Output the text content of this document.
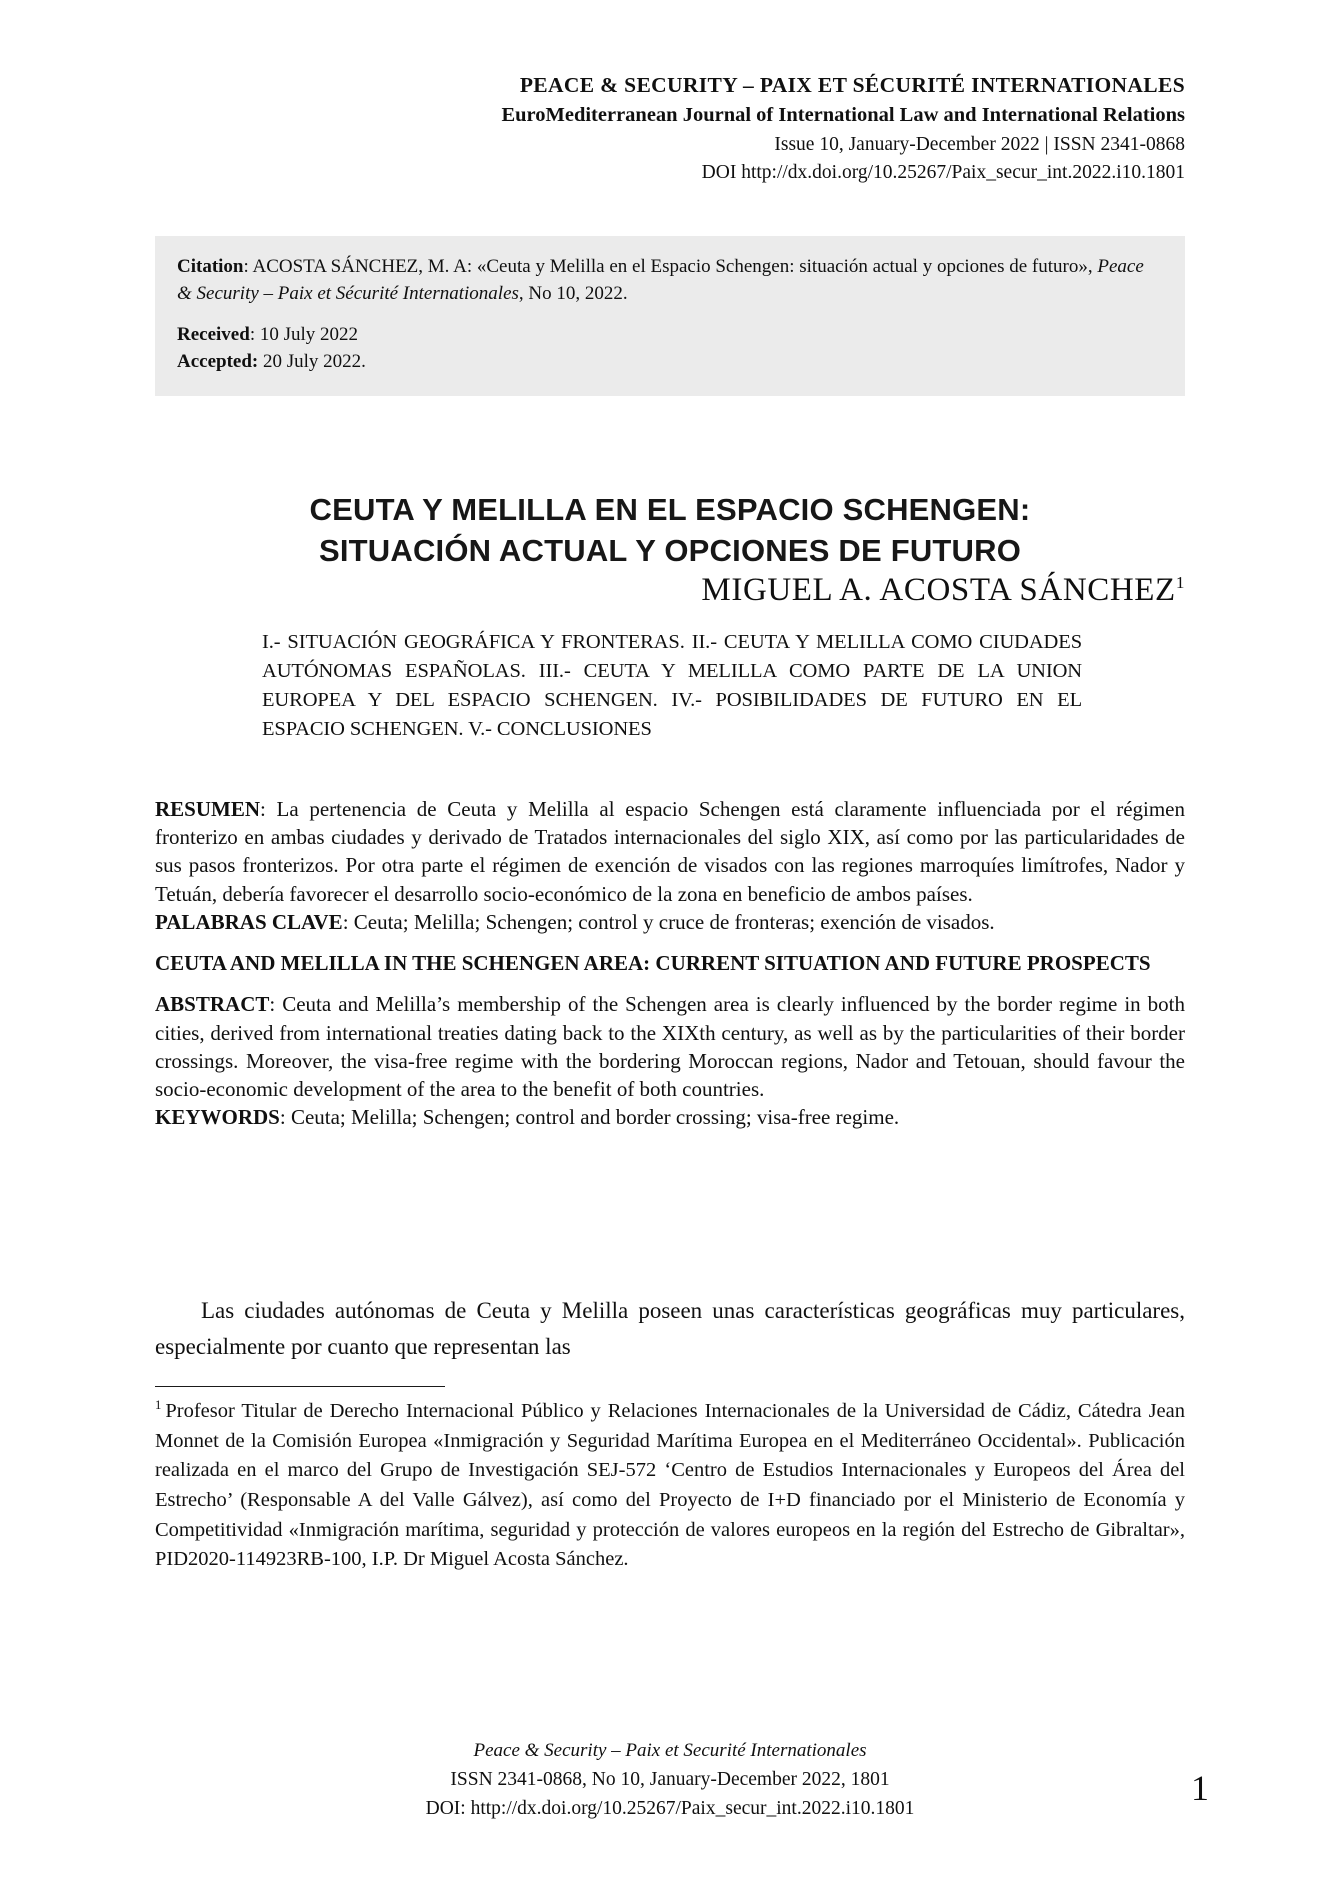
PEACE & SECURITY – PAIX ET SÉCURITÉ INTERNATIONALES
EuroMediterranean Journal of International Law and International Relations
Issue 10, January-December 2022 | ISSN 2341-0868
DOI http://dx.doi.org/10.25267/Paix_secur_int.2022.i10.1801
Citation: ACOSTA SÁNCHEZ, M. A: «Ceuta y Melilla en el Espacio Schengen: situación actual y opciones de futuro», Peace & Security – Paix et Sécurité Internationales, No 10, 2022.
Received: 10 July 2022
Accepted: 20 July 2022.
CEUTA Y MELILLA EN EL ESPACIO SCHENGEN:
SITUACIÓN ACTUAL Y OPCIONES DE FUTURO
MIGUEL A. ACOSTA SÁNCHEZ$^1$
I.- SITUACIÓN GEOGRÁFICA Y FRONTERAS. II.- CEUTA Y MELILLA COMO CIUDADES AUTÓNOMAS ESPAÑOLAS. III.- CEUTA Y MELILLA COMO PARTE DE LA UNION EUROPEA Y DEL ESPACIO SCHENGEN. IV.- POSIBILIDADES DE FUTURO EN EL ESPACIO SCHENGEN. V.- CONCLUSIONES

RESUMEN: La pertenencia de Ceuta y Melilla al espacio Schengen está claramente influenciada por el régimen fronterizo en ambas ciudades y derivado de Tratados internacionales del siglo XIX, así como por las particularidades de sus pasos fronterizos. Por otra parte el régimen de exención de visados con las regiones marroquíes limítrofes, Nador y Tetuán, debería favorecer el desarrollo socio-económico de la zona en beneficio de ambos países.

PALABRAS CLAVE: Ceuta; Melilla; Schengen; control y cruce de fronteras; exención de visados.

CEUTA AND MELILLA IN THE SCHENGEN AREA: CURRENT SITUATION AND FUTURE PROSPECTS

ABSTRACT: Ceuta and Melilla’s membership of the Schengen area is clearly influenced by the border regime in both cities, derived from international treaties dating back to the XIXth century, as well as by the particularities of their border crossings. Moreover, the visa-free regime with the bordering Moroccan regions, Nador and Tetouan, should favour the socio-economic development of the area to the benefit of both countries.

KEYWORDS: Ceuta; Melilla; Schengen; control and border crossing; visa-free regime.

Las ciudades autónomas de Ceuta y Melilla poseen unas características geográficas muy particulares, especialmente por cuanto que representan las
$^1$ Profesor Titular de Derecho Internacional Público y Relaciones Internacionales de la Universidad de Cádiz, Cátedra Jean Monnet de la Comisión Europea «Inmigración y Seguridad Marítima Europea en el Mediterráneo Occidental». Publicación realizada en el marco del Grupo de Investigación SEJ-572 ‘Centro de Estudios Internacionales y Europeos del Área del Estrecho’ (Responsable A del Valle Gálvez), así como del Proyecto de I+D financiado por el Ministerio de Economía y Competitividad «Inmigración marítima, seguridad y protección de valores europeos en la región del Estrecho de Gibraltar», PID2020-114923RB-100, I.P. Dr Miguel Acosta Sánchez.
Peace & Security – Paix et Securité Internationales
ISSN 2341-0868, No 10, January-December 2022, 1801
DOI: http://dx.doi.org/10.25267/Paix_secur_int.2022.i10.1801
1
